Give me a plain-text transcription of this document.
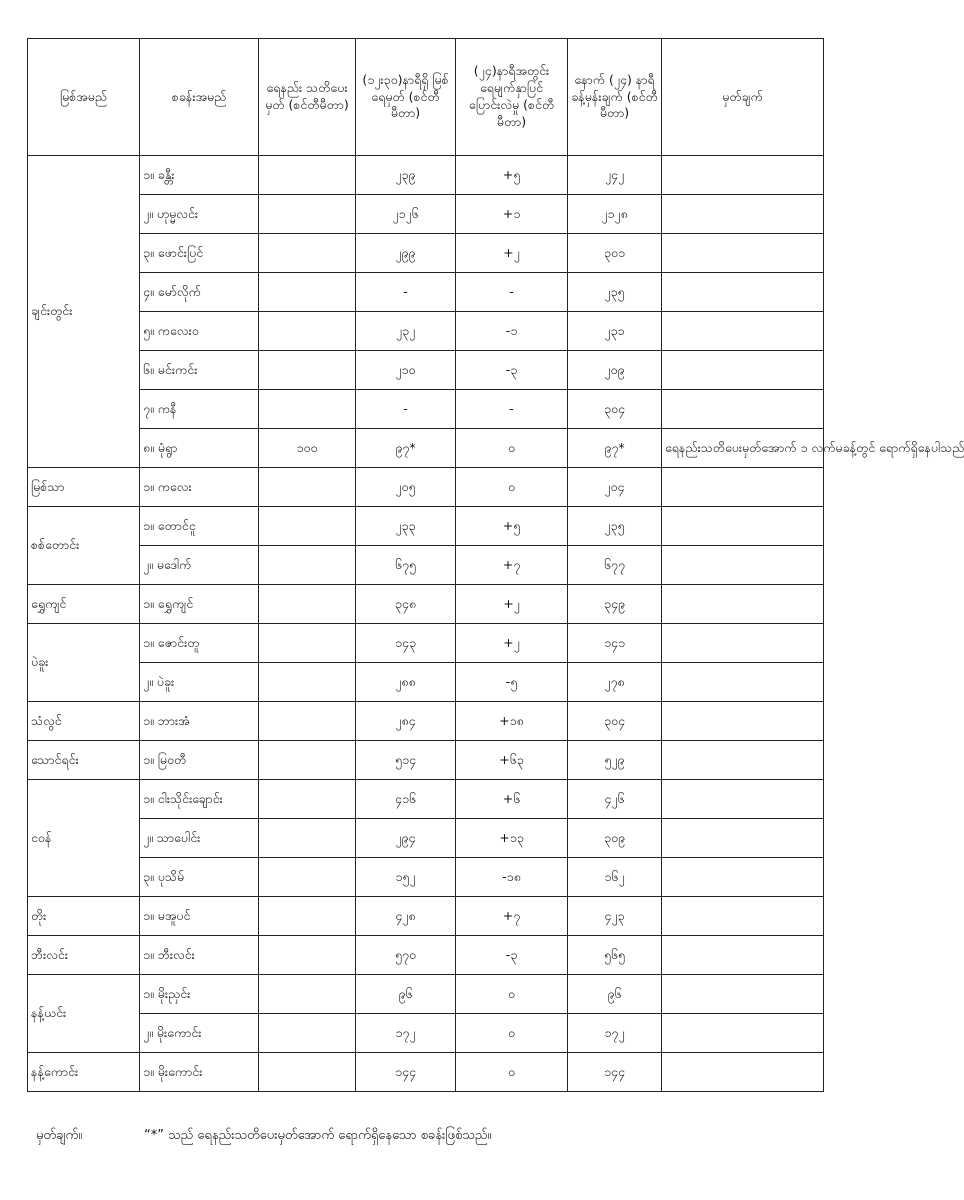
မြစ်အမည်	စခန်းအမည်	ရေနည်း သတိပေးမှတ် (စင်တီမီတာ)	(၁၂း၃၀)နာရီရှိ မြစ်ရေမှတ် (စင်တီမီတာ)	(၂၄)နာရီအတွင်း ရေမျက်နှာပြင် ပြောင်းလဲမှု (စင်တီမီတာ)	နောက် (၂၄) နာရီ ခန့်မှန်းချက် (စင်တီမီတာ)	မှတ်ချက်
ချင်းတွင်း	၁။ ခန္တီး		၂၃၉	+၅	၂၄၂	
	၂။ ဟုမ္မလင်း		၂၁၂၆	+၁	၂၁၂၈	
	၃။ ဖောင်းပြင်		၂၉၉	+၂	၃၀၁	
	၄။ မော်လိုက်		-	-	၂၃၅	
	၅။ ကလေးဝ		၂၃၂	-၁	၂၃၁	
	၆။ မင်းကင်း		၂၁၀	-၃	၂၀၉	
	၇။ ကနီ		-	-	၃၀၄	
	၈။ မုံရွာ	၁၀၀	၉၇*	၀	၉၇*	ရေနည်းသတိပေးမှတ်အောက် ၁ လက်မခန့်တွင် ရောက်ရှိနေပါသည်
မြစ်သာ	၁။ ကလေး		၂၀၅	၀	၂၀၄	
စစ်တောင်း	၁။ တောင်ငူ		၂၃၃	+၅	၂၃၅	
	၂။ မဒေါက်		၆၇၅	+၇	၆၇၇	
ရွှေကျင်	၁။ ရွှေကျင်		၃၄၈	+၂	၃၄၉	
ပဲခူး	၁။ ဇောင်းတူ		၁၄၃	+၂	၁၄၁	
	၂။ ပဲခူး		၂၈၈	-၅	၂၇၈	
သံလွင်	၁။ ဘားအံ		၂၈၄	+၁၈	၃၀၄	
သောင်ရင်း	၁။ မြဝတီ		၅၁၄	+၆၃	၅၂၉	
ငဝန်	၁။ ငါးသိုင်းချောင်း		၄၁၆	+၆	၄၂၆	
	၂။ သာပေါင်း		၂၉၄	+၁၃	၃၀၉	
	၃။ ပုသိမ်		၁၅၂	-၁၈	၁၆၂	
တိုး	၁။ မအူပင်		၄၂၈	+၇	၄၂၃	
ဘီးလင်း	၁။ ဘီးလင်း		၅၇၀	-၃	၅၆၅	
နန့်ယင်း	၁။ မိုးညှင်း		၉၆	၀	၉၆	
	၂။ မိုးကောင်း		၁၇၂	၀	၁၇၂	
နန့်ကောင်း	၁။ မိုးကောင်း		၁၄၄	၀	၁၄၄	
မှတ်ချက်။	“*” သည် ရေနည်းသတိပေးမှတ်အောက် ရောက်ရှိနေသော စခန်းဖြစ်သည်။
